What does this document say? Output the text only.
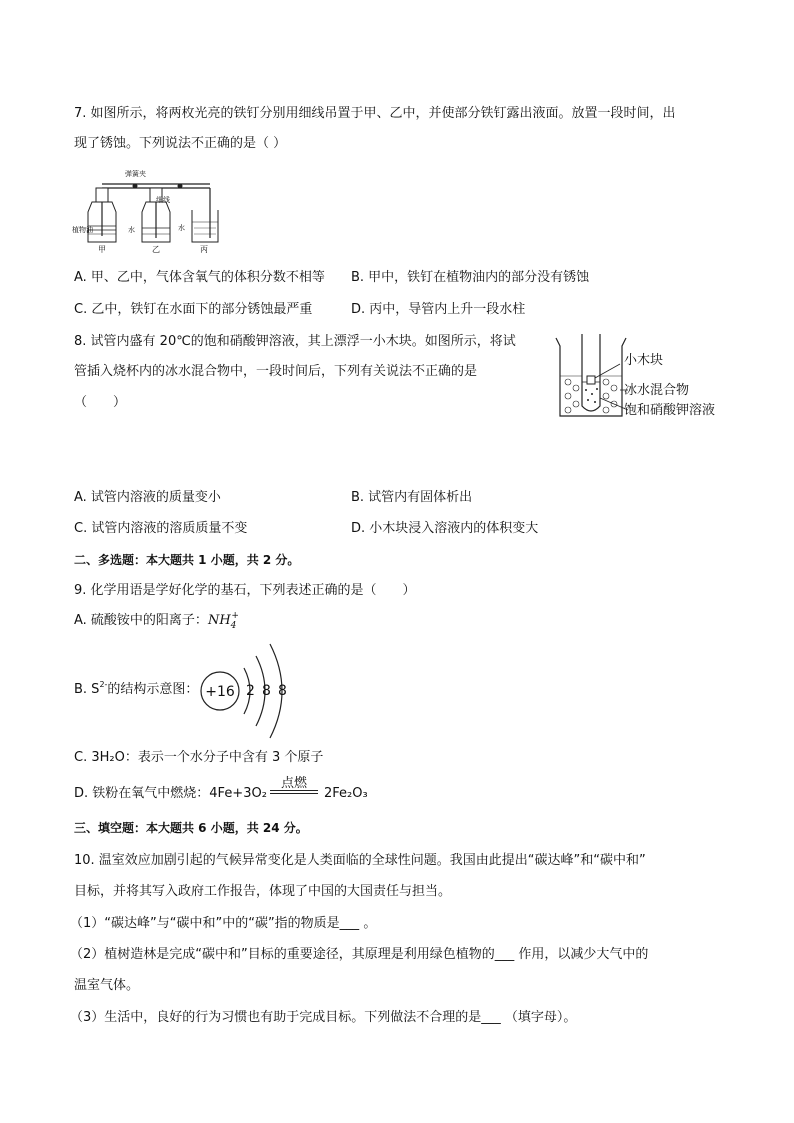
7. 如图所示，将两枚光亮的铁钉分别用细线吊置于甲、乙中，并使部分铁钉露出液面。放置一段时间，出
现了锈蚀。下列说法不正确的是（ ）
弹簧夹
植物油
细线
水	水
甲	乙	丙
A. 甲、乙中，气体含氧气的体积分数不相等 B. 甲中，铁钉在植物油内的部分没有锈蚀
C. 乙中，铁钉在水面下的部分锈蚀最严重	D. 丙中，导管内上升一段水柱
8. 试管内盛有 20℃的饱和硝酸钾溶液，其上漂浮一小木块。如图所示，将试
管插入烧杯内的冰水混合物中，一段时间后，下列有关说法不正确的是
（　　）
小木块
冰水混合物
饱和硝酸钾溶液
A. 试管内溶液的质量变小	B. 试管内有固体析出
C. 试管内溶液的溶质质量不变	D. 小木块浸入溶液内的体积变大
二、多选题：本大题共 1 小题，共 2 分。
9. 化学用语是学好化学的基石，下列表述正确的是（　　）
A. 硫酸铵中的阳离子：$NH_4^+$
B. $S^{2-}$的结构示意图： +16 2 8 8
C. 3H₂O：表示一个水分子中含有 3 个原子
D. 铁粉在氧气中燃烧：4Fe+3O₂
点燃
2Fe₂O₃
三、填空题：本大题共 6 小题，共 24 分。
10. 温室效应加剧引起的气候异常变化是人类面临的全球性问题。我国由此提出“碳达峰”和“碳中和”
目标，并将其写入政府工作报告，体现了中国的大国责任与担当。
（1）“碳达峰”与“碳中和”中的“碳”指的物质是___ 。
（2）植树造林是完成“碳中和”目标的重要途径，其原理是利用绿色植物的___ 作用，以减少大气中的
温室气体。
（3）生活中，良好的行为习惯也有助于完成目标。下列做法不合理的是___ （填字母）。
